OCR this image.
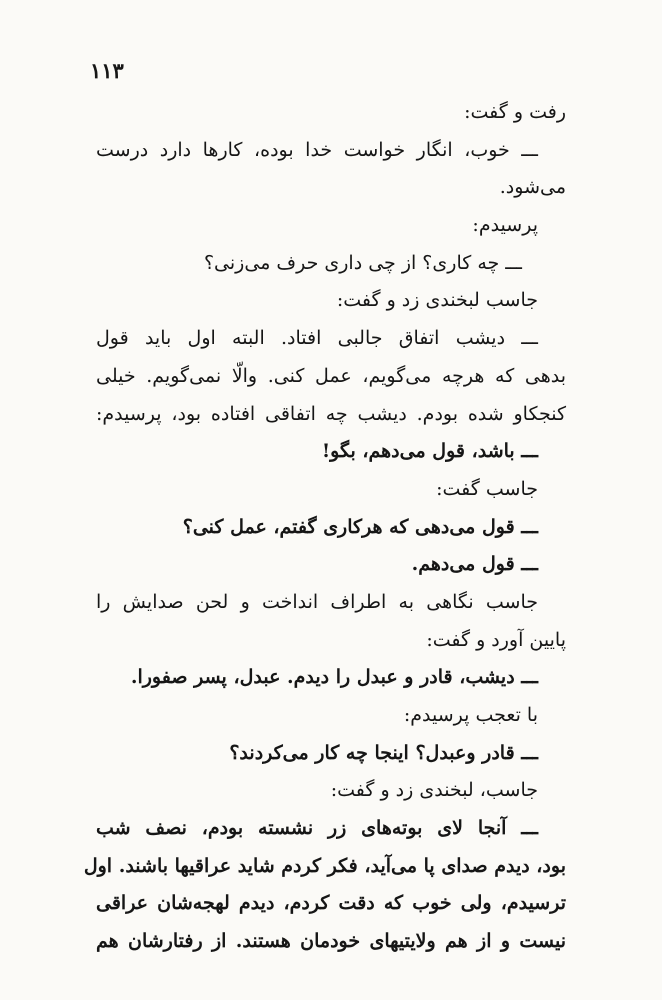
۱۱۳
رفت و گفت:
ـــ خوب، انگار خواست خدا بوده، کارها دارد درست
می‌شود.
پرسیدم:
ـــ چه کاری؟ از چی داری حرف می‌زنی؟
جاسب لبخندی زد و گفت:
ـــ دیشب اتفاق جالبی افتاد. البته اول باید قول
بدهی که هرچه می‌گویم، عمل کنی. والّا نمی‌گویم. خیلی
کنجکاو شده بودم. دیشب چه اتفاقی افتاده بود، پرسیدم:
ـــ باشد، قول می‌دهم، بگو!
جاسب گفت:
ـــ قول می‌دهی که هرکاری گفتم، عمل کنی؟
ـــ قول می‌دهم.
جاسب نگاهی به اطراف انداخت و لحن صدایش را
پایین آورد و گفت:
ـــ دیشب، قادر و عبدل را دیدم. عبدل، پسر صفورا.
با تعجب پرسیدم:
ـــ قادر وعبدل؟ اینجا چه کار می‌کردند؟
جاسب، لبخندی زد و گفت:
ـــ آنجا لای بوته‌های زر نشسته بودم، نصف شب
بود، دیدم صدای پا می‌آید، فکر کردم شاید عراقیها باشند. اول
ترسیدم، ولی خوب که دقت کردم، دیدم لهجه‌شان عراقی
نیست و از هم ولایتیهای خودمان هستند. از رفتارشان هم
